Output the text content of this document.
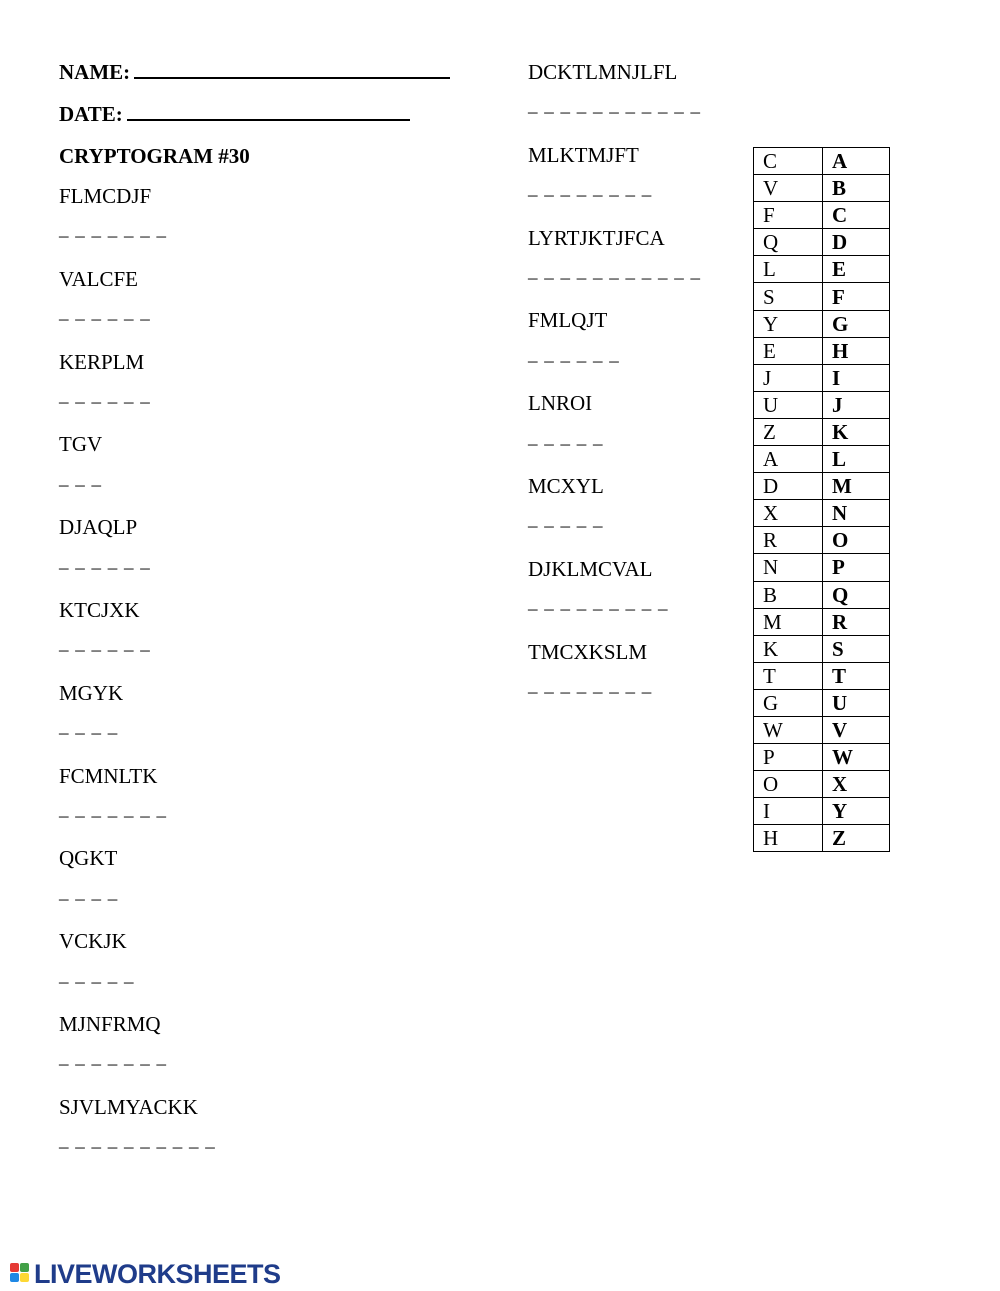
NAME:
DATE:
CRYPTOGRAM #30
FLMCDJF
_ _ _ _ _ _ _
VALCFE
_ _ _ _ _ _
KERPLM
_ _ _ _ _ _
TGV
_ _ _
DJAQLP
_ _ _ _ _ _
KTCJXK
_ _ _ _ _ _
MGYK
_ _ _ _
FCMNLTK
_ _ _ _ _ _ _
QGKT
_ _ _ _
VCKJK
_ _ _ _ _
MJNFRMQ
_ _ _ _ _ _ _
SJVLMYACKK
_ _ _ _ _ _ _ _ _ _
DCKTLMNJLFL
_ _ _ _ _ _ _ _ _ _ _
MLKTMJFT
_ _ _ _ _ _ _ _
LYRTJKTJFCA
_ _ _ _ _ _ _ _ _ _ _
FMLQJT
_ _ _ _ _ _
LNROI
_ _ _ _ _
MCXYL
_ _ _ _ _
DJKLMCVAL
_ _ _ _ _ _ _ _ _
TMCXKSLM
_ _ _ _ _ _ _ _
C	A
V	B
F	C
Q	D
L	E
S	F
Y	G
E	H
J	I
U	J
Z	K
A	L
D	M
X	N
R	O
N	P
B	Q
M	R
K	S
T	T
G	U
W	V
P	W
O	X
I	Y
H	Z
LIVEWORKSHEETS
